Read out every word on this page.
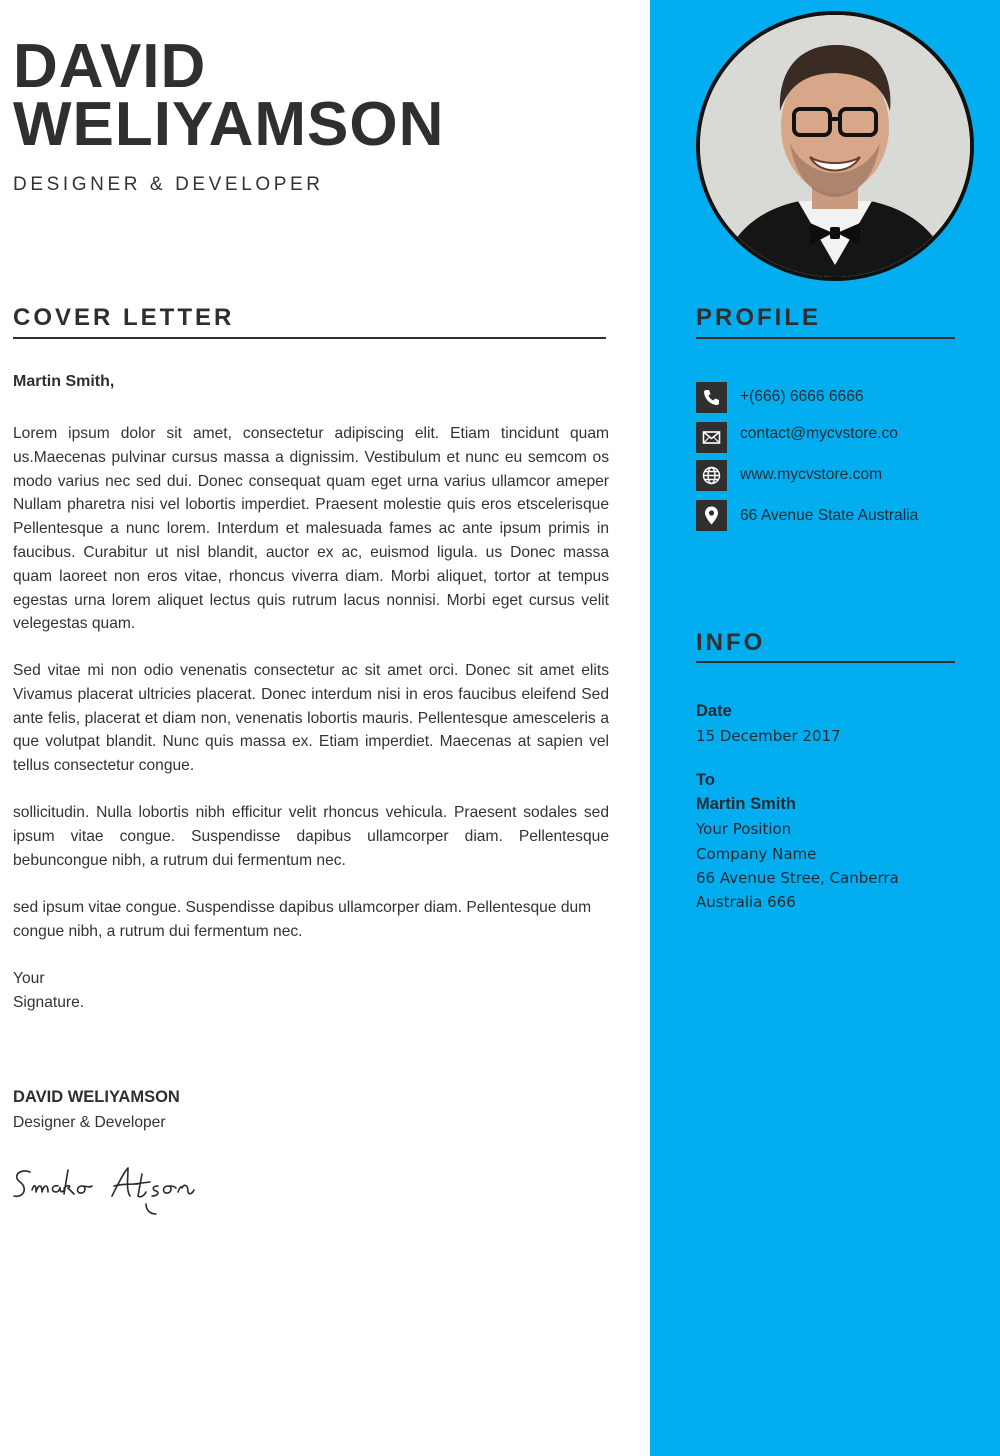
DAVID
WELIYAMSON
DESIGNER & DEVELOPER
COVER LETTER
Martin Smith,

Lorem ipsum dolor sit amet, consectetur adipiscing elit. Etiam tincidunt quam us.Maecenas pulvinar cursus massa a dignissim. Vestibulum et nunc eu semcom os modo varius nec sed dui. Donec consequat quam eget urna varius ullamcor ameper Nullam pharetra nisi vel lobortis imperdiet. Praesent molestie quis eros etscelerisque Pellentesque a nunc lorem. Interdum et malesuada fames ac ante ipsum primis in faucibus. Curabitur ut nisl blandit, auctor ex ac, euismod ligula. us Donec massa quam laoreet non eros vitae, rhoncus viverra diam. Morbi aliquet, tortor at tempus egestas urna lorem aliquet lectus quis rutrum lacus nonnisi. Morbi eget cursus velit velegestas quam.

Sed vitae mi non odio venenatis consectetur ac sit amet orci. Donec sit amet elits Vivamus placerat ultricies placerat. Donec interdum nisi in eros faucibus eleifend Sed ante felis, placerat et diam non, venenatis lobortis mauris. Pellentesque amesceleris a que volutpat blandit. Nunc quis massa ex. Etiam imperdiet. Maecenas at sapien vel tellus consectetur congue.

sollicitudin. Nulla lobortis nibh efficitur velit rhoncus vehicula. Praesent sodales sed ipsum vitae congue. Suspendisse dapibus ullamcorper diam. Pellentesque bebuncongue nibh, a rutrum dui fermentum nec.

sed ipsum vitae congue. Suspendisse dapibus ullamcorper diam. Pellentesque dum congue nibh, a rutrum dui fermentum nec.

Your
Signature.
DAVID WELIYAMSON
Designer & Developer
PROFILE
+(666) 6666 6666
contact@mycvstore.co
www.mycvstore.com
66 Avenue State Australia
INFO
Date
15 December 2017
To
Martin Smith
Your Position
Company Name
66 Avenue Stree, Canberra
Australia 666
